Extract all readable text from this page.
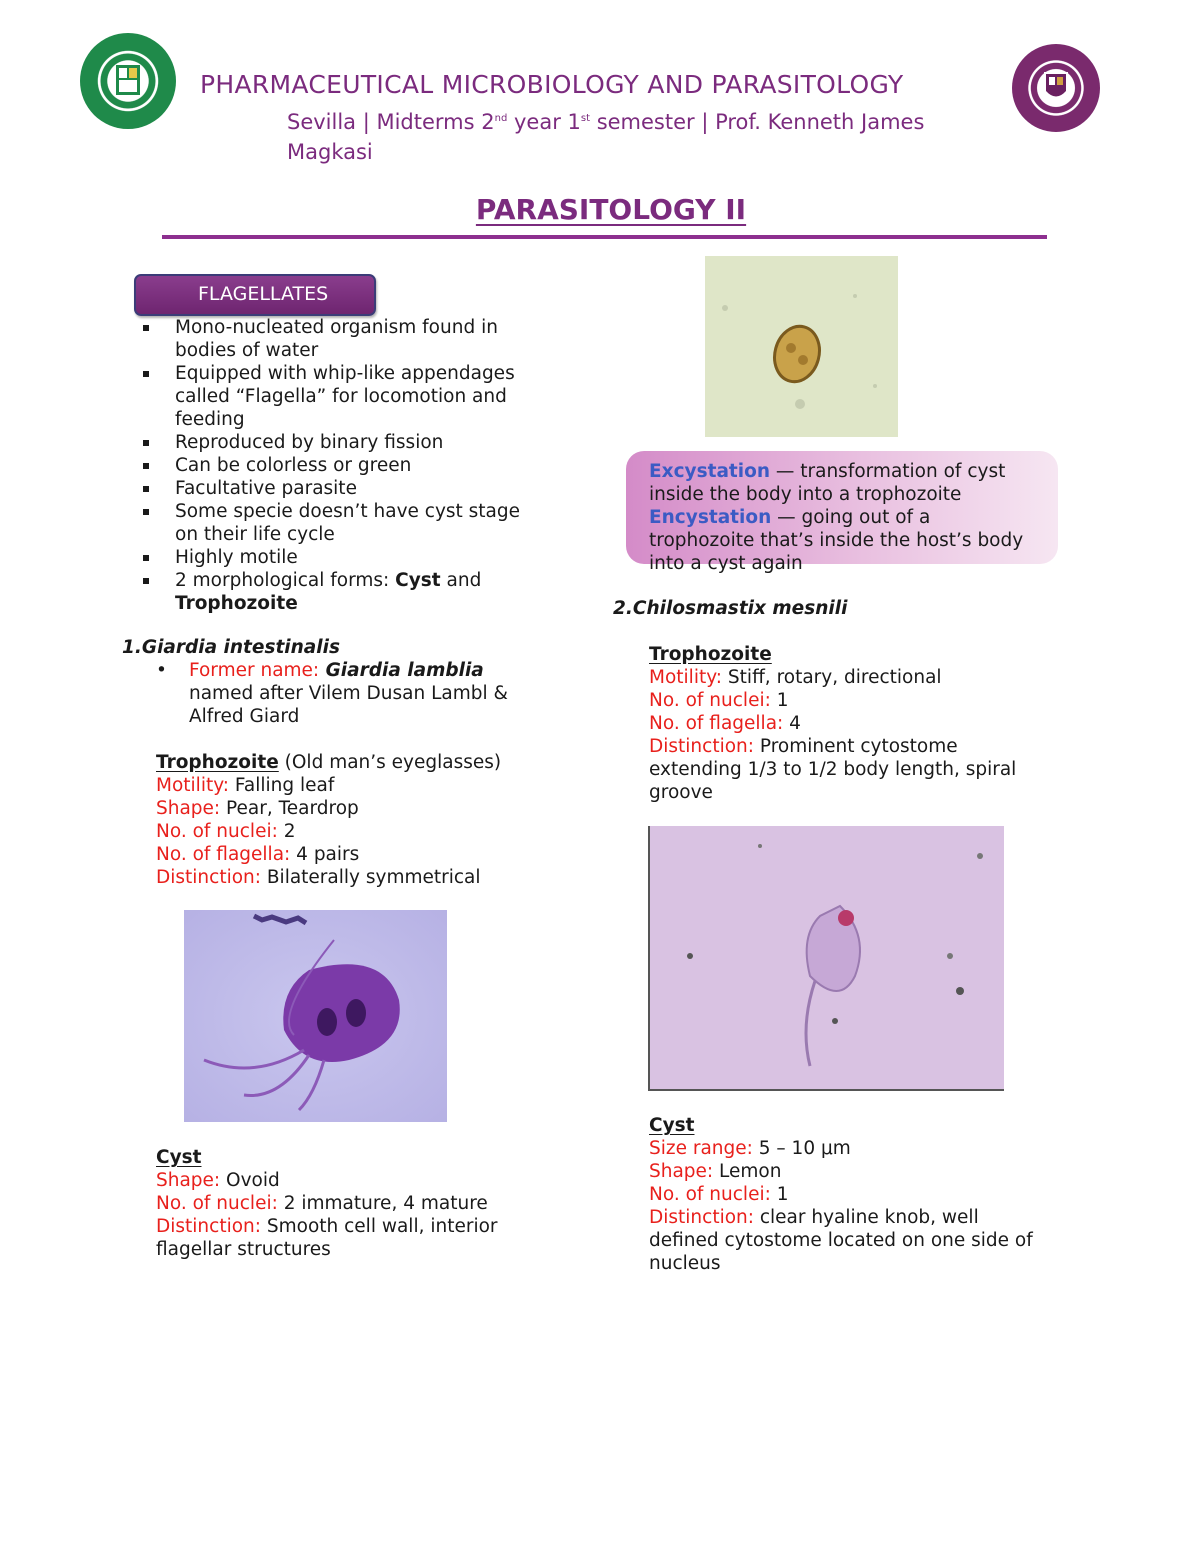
PHARMACEUTICAL MICROBIOLOGY AND PARASITOLOGY
Sevilla | Midterms 2nd year 1st semester | Prof. Kenneth James
Magkasi
PARASITOLOGY II
FLAGELLATES
Mono-nucleated organism found in
bodies of water
Equipped with whip-like appendages
called “Flagella” for locomotion and
feeding
Reproduced by binary fission
Can be colorless or green
Facultative parasite
Some specie doesn’t have cyst stage
on their life cycle
Highly motile
2 morphological forms: Cyst and
Trophozoite
1.Giardia intestinalis
•	Former name: Giardia lamblia
named after Vilem Dusan Lambl &
Alfred Giard
Trophozoite (Old man’s eyeglasses)
Motility: Falling leaf
Shape: Pear, Teardrop
No. of nuclei: 2
No. of flagella: 4 pairs
Distinction: Bilaterally symmetrical
Cyst
Shape: Ovoid
No. of nuclei: 2 immature, 4 mature
Distinction: Smooth cell wall, interior
flagellar structures
Excystation — transformation of cyst
inside the body into a trophozoite
Encystation — going out of a
trophozoite that’s inside the host’s body
into a cyst again
2.Chilosmastix mesnili
Trophozoite
Motility: Stiff, rotary, directional
No. of nuclei: 1
No. of flagella: 4
Distinction: Prominent cytostome
extending 1/3 to 1/2 body length, spiral
groove
Cyst
Size range: 5 – 10 μm
Shape: Lemon
No. of nuclei: 1
Distinction: clear hyaline knob, well
defined cytostome located on one side of
nucleus
